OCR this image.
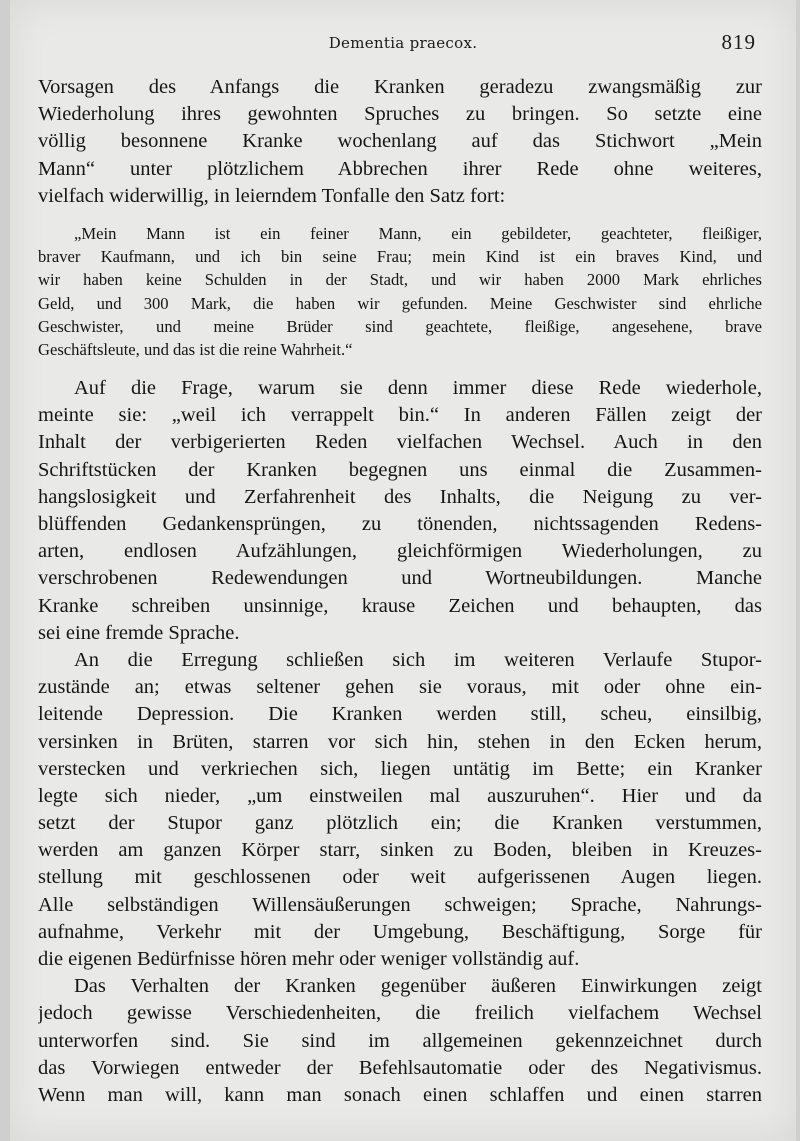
Dementia praecox.	819
Vorsagen des Anfangs die Kranken geradezu zwangsmäßig zur
Wiederholung ihres gewohnten Spruches zu bringen. So setzte eine
völlig besonnene Kranke wochenlang auf das Stichwort „Mein
Mann“ unter plötzlichem Abbrechen ihrer Rede ohne weiteres,
vielfach widerwillig, in leierndem Tonfalle den Satz fort:
„Mein Mann ist ein feiner Mann, ein gebildeter, geachteter, fleißiger,
braver Kaufmann, und ich bin seine Frau; mein Kind ist ein braves Kind, und
wir haben keine Schulden in der Stadt, und wir haben 2000 Mark ehrliches
Geld, und 300 Mark, die haben wir gefunden. Meine Geschwister sind ehrliche
Geschwister, und meine Brüder sind geachtete, fleißige, angesehene, brave
Geschäftsleute, und das ist die reine Wahrheit.“
Auf die Frage, warum sie denn immer diese Rede wiederhole,
meinte sie: „weil ich verrappelt bin.“ In anderen Fällen zeigt der
Inhalt der verbigerierten Reden vielfachen Wechsel. Auch in den
Schriftstücken der Kranken begegnen uns einmal die Zusammen-
hangslosigkeit und Zerfahrenheit des Inhalts, die Neigung zu ver-
blüffenden Gedankensprüngen, zu tönenden, nichtssagenden Redens-
arten, endlosen Aufzählungen, gleichförmigen Wiederholungen, zu
verschrobenen Redewendungen und Wortneubildungen. Manche
Kranke schreiben unsinnige, krause Zeichen und behaupten, das
sei eine fremde Sprache.
An die Erregung schließen sich im weiteren Verlaufe Stupor-
zustände an; etwas seltener gehen sie voraus, mit oder ohne ein-
leitende Depression. Die Kranken werden still, scheu, einsilbig,
versinken in Brüten, starren vor sich hin, stehen in den Ecken herum,
verstecken und verkriechen sich, liegen untätig im Bette; ein Kranker
legte sich nieder, „um einstweilen mal auszuruhen“. Hier und da
setzt der Stupor ganz plötzlich ein; die Kranken verstummen,
werden am ganzen Körper starr, sinken zu Boden, bleiben in Kreuzes-
stellung mit geschlossenen oder weit aufgerissenen Augen liegen.
Alle selbständigen Willensäußerungen schweigen; Sprache, Nahrungs-
aufnahme, Verkehr mit der Umgebung, Beschäftigung, Sorge für
die eigenen Bedürfnisse hören mehr oder weniger vollständig auf.
Das Verhalten der Kranken gegenüber äußeren Einwirkungen zeigt
jedoch gewisse Verschiedenheiten, die freilich vielfachem Wechsel
unterworfen sind. Sie sind im allgemeinen gekennzeichnet durch
das Vorwiegen entweder der Befehlsautomatie oder des Negativismus.
Wenn man will, kann man sonach einen schlaffen und einen starren
